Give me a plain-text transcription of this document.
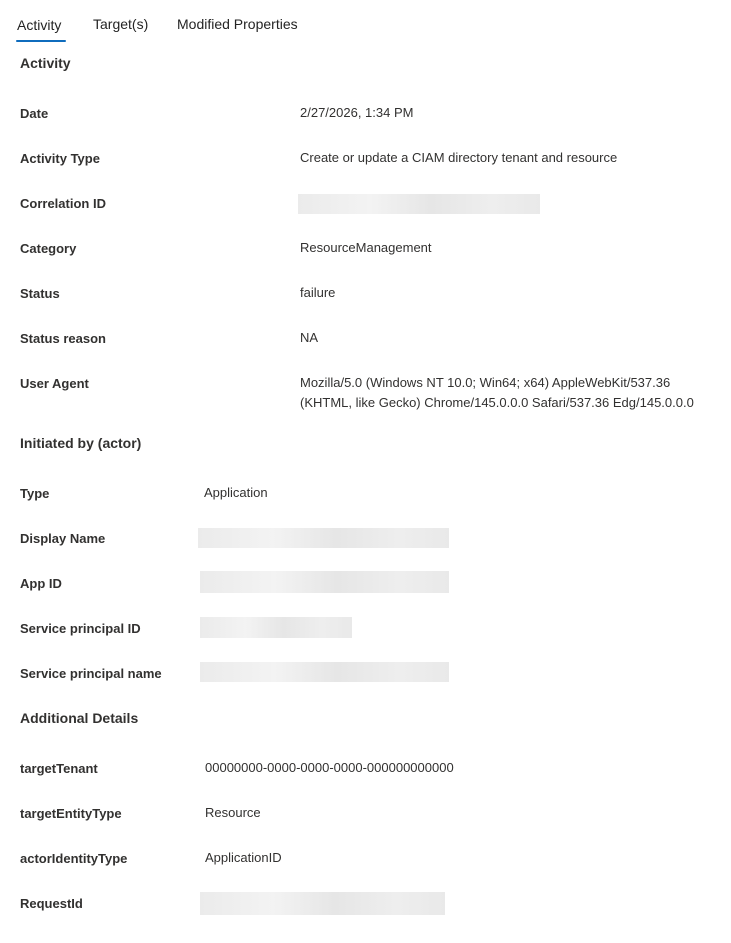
Activity Target(s) Modified Properties
Activity
Date	2/27/2026, 1:34 PM
Activity Type	Create or update a CIAM directory tenant and resource
Correlation ID
Category	ResourceManagement
Status	failure
Status reason	NA
User Agent	Mozilla/5.0 (Windows NT 10.0; Win64; x64) AppleWebKit/537.36
(KHTML, like Gecko) Chrome/145.0.0.0 Safari/537.36 Edg/145.0.0.0
Initiated by (actor)
Type	Application
Display Name
App ID
Service principal ID
Service principal name
Additional Details
targetTenant	00000000-0000-0000-0000-000000000000
targetEntityType	Resource
actorIdentityType	ApplicationID
RequestId
